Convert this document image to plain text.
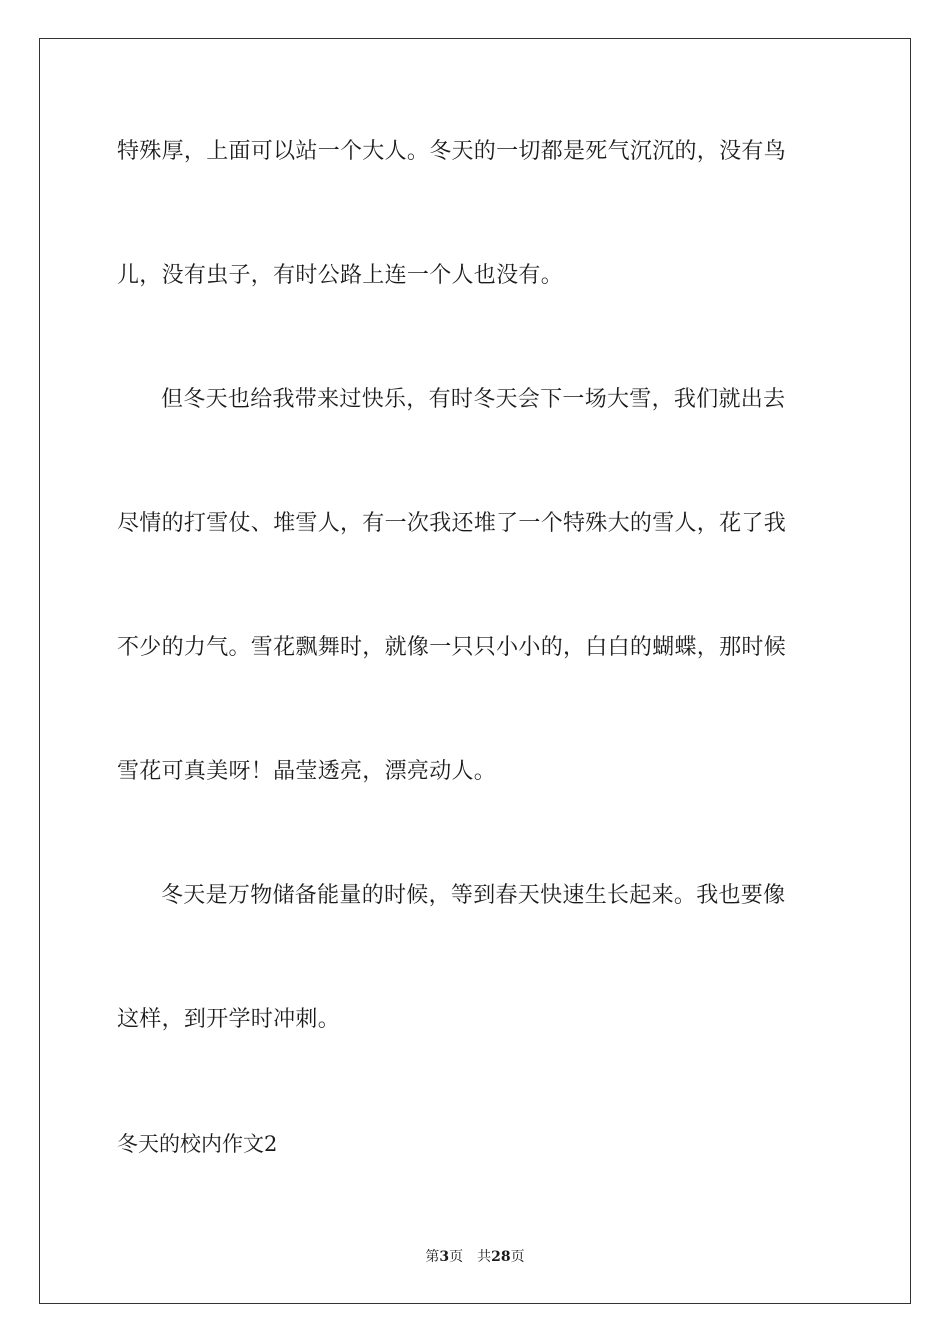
特殊厚，上面可以站一个大人。冬天的一切都是死气沉沉的，没有鸟
儿，没有虫子，有时公路上连一个人也没有。
但冬天也给我带来过快乐，有时冬天会下一场大雪，我们就出去
尽情的打雪仗、堆雪人，有一次我还堆了一个特殊大的雪人，花了我
不少的力气。雪花飘舞时，就像一只只小小的，白白的蝴蝶，那时候
雪花可真美呀！晶莹透亮，漂亮动人。
冬天是万物储备能量的时候，等到春天快速生长起来。我也要像
这样，到开学时冲刺。
冬天的校内作文2
第3页 共28页
